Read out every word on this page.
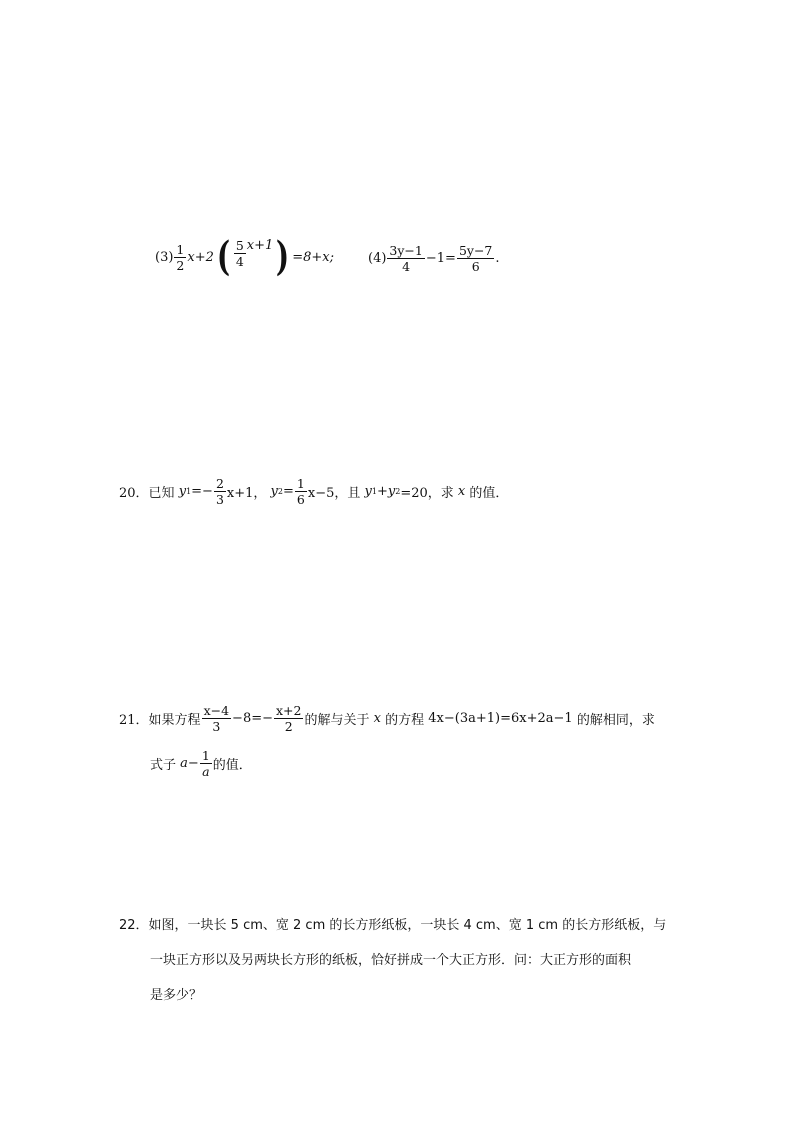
$(3) \frac{1}{2} x+2$ ( $\frac{5}{4} x+1$ ) =8+x;	$(4) \frac{3y-1}{4} -1= \frac{5y-7}{6}$ .
20． 已知
y $1 =- \frac{2}{3} x+1$，
y $2 = \frac{1}{6} x-5$，且
y 1 + y 2 =20，求
x
的值．
21． 如果方程 $\frac{x-4}{3} -8=- \frac{x+2}{2}$ 的解与关于
x
的方程
4x−(3a+1)=6x+2a−1
的解相同，求
式子
$a- \frac{1}{a}$ 的值．
22．如图，一块长 5 cm、宽 2 cm 的长方形纸板，一块长 4 cm、宽 1 cm 的长方形纸板，与
一块正方形以及另两块长方形的纸板，恰好拼成一个大正方形．问：大正方形的面积
是多少？
